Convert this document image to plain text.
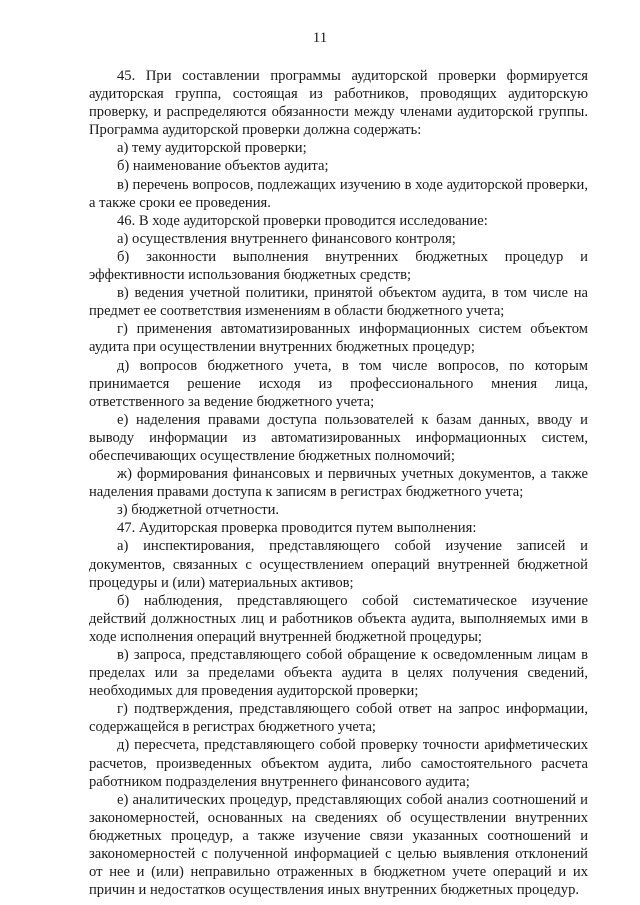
11

45. При составлении программы аудиторской проверки формируется аудиторская группа, состоящая из работников, проводящих аудиторскую проверку, и распределяются обязанности между членами аудиторской группы. Программа аудиторской проверки должна содержать:

а) тему аудиторской проверки;

б) наименование объектов аудита;

в) перечень вопросов, подлежащих изучению в ходе аудиторской проверки, а также сроки ее проведения.

46. В ходе аудиторской проверки проводится исследование:

а) осуществления внутреннего финансового контроля;

б) законности выполнения внутренних бюджетных процедур и эффективности использования бюджетных средств;

в) ведения учетной политики, принятой объектом аудита, в том числе на предмет ее соответствия изменениям в области бюджетного учета;

г) применения автоматизированных информационных систем объектом аудита при осуществлении внутренних бюджетных процедур;

д) вопросов бюджетного учета, в том числе вопросов, по которым принимается решение исходя из профессионального мнения лица, ответственного за ведение бюджетного учета;

е) наделения правами доступа пользователей к базам данных, вводу и выводу информации из автоматизированных информационных систем, обеспечивающих осуществление бюджетных полномочий;

ж) формирования финансовых и первичных учетных документов, а также наделения правами доступа к записям в регистрах бюджетного учета;

з) бюджетной отчетности.

47. Аудиторская проверка проводится путем выполнения:

а) инспектирования, представляющего собой изучение записей и документов, связанных с осуществлением операций внутренней бюджетной процедуры и (или) материальных активов;

б) наблюдения, представляющего собой систематическое изучение действий должностных лиц и работников объекта аудита, выполняемых ими в ходе исполнения операций внутренней бюджетной процедуры;

в) запроса, представляющего собой обращение к осведомленным лицам в пределах или за пределами объекта аудита в целях получения сведений, необходимых для проведения аудиторской проверки;

г) подтверждения, представляющего собой ответ на запрос информации, содержащейся в регистрах бюджетного учета;

д) пересчета, представляющего собой проверку точности арифметических расчетов, произведенных объектом аудита, либо самостоятельного расчета работником подразделения внутреннего финансового аудита;

е) аналитических процедур, представляющих собой анализ соотношений и закономерностей, основанных на сведениях об осуществлении внутренних бюджетных процедур, а также изучение связи указанных соотношений и закономерностей с полученной информацией с целью выявления отклонений от нее и (или) неправильно отраженных в бюджетном учете операций и их причин и недостатков осуществления иных внутренних бюджетных процедур.
